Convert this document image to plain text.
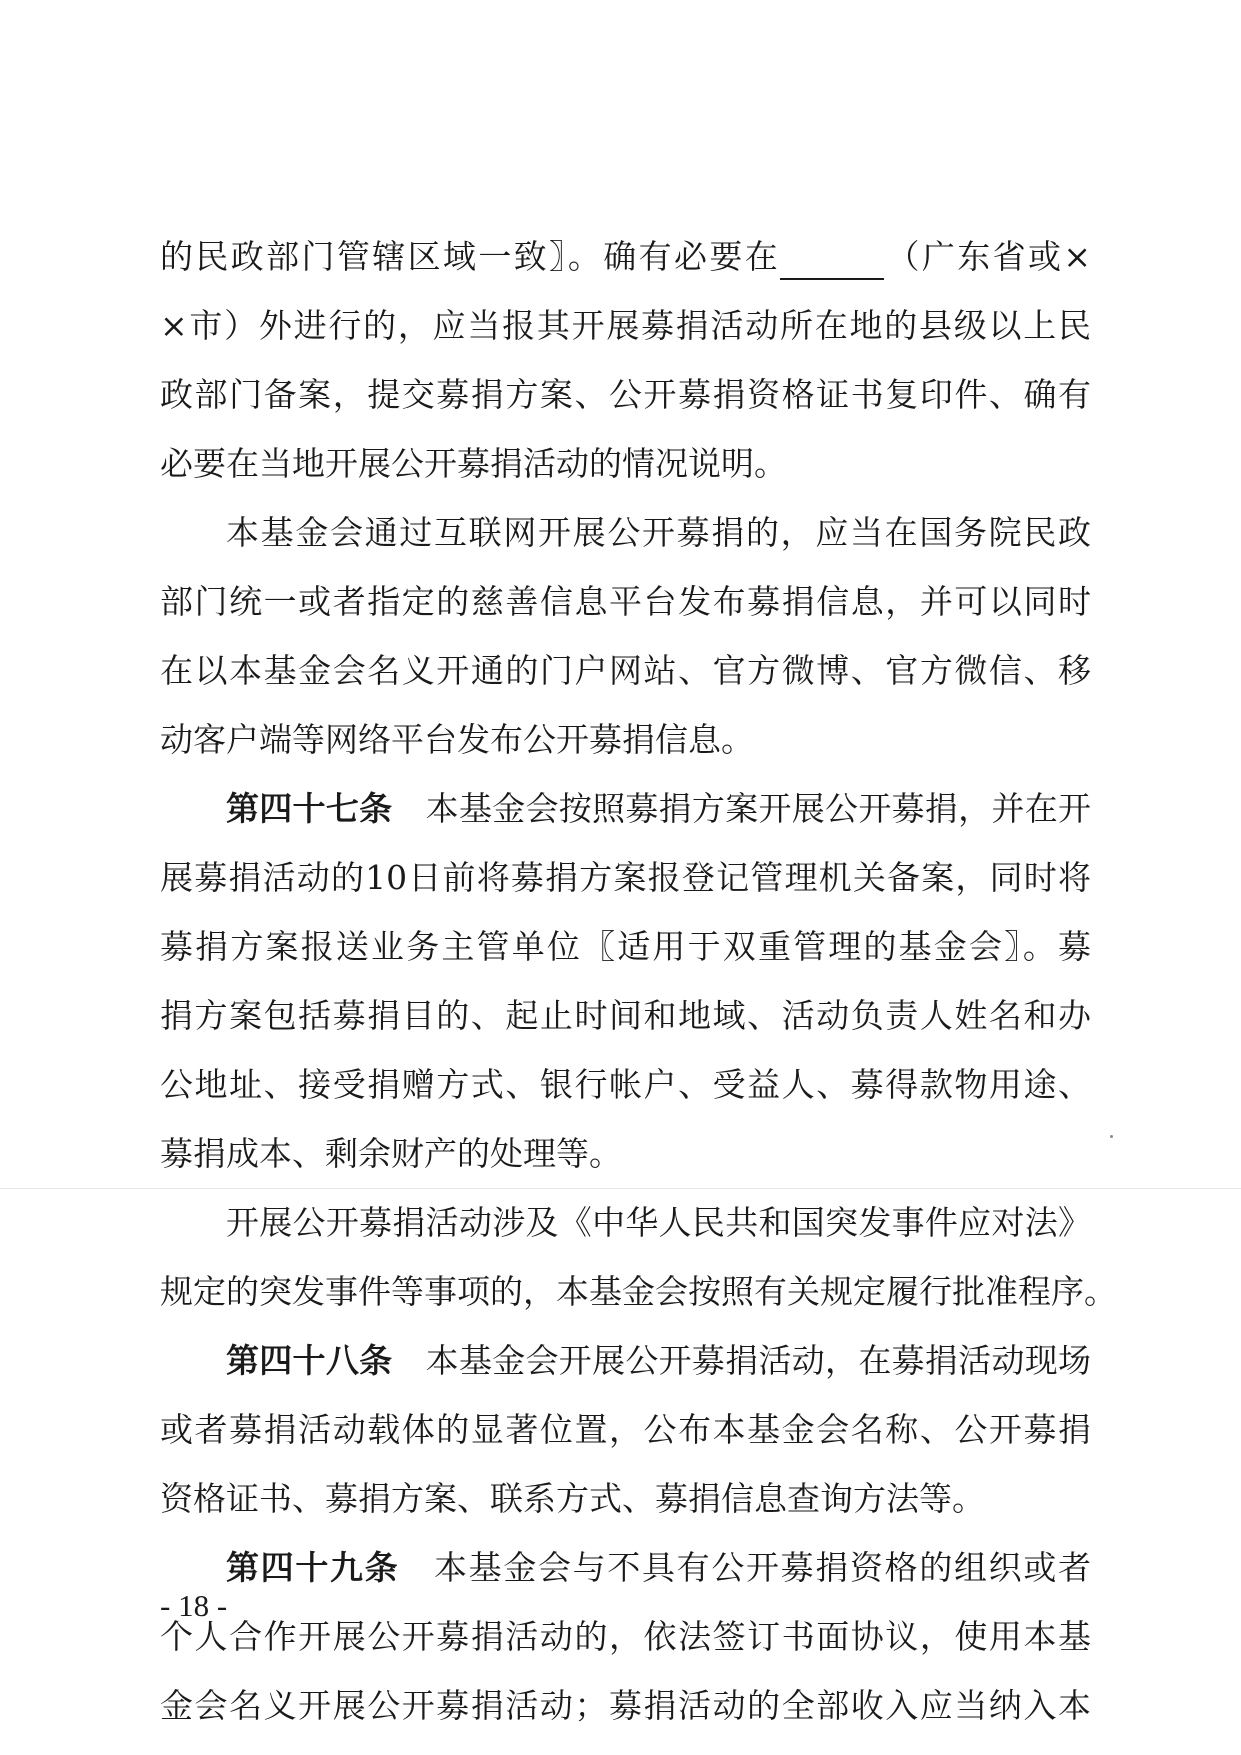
的民政部门管辖区域一致〗。确有必要在	（广东省或×
×市）外进行的，应当报其开展募捐活动所在地的县级以上民
政部门备案，提交募捐方案、公开募捐资格证书复印件、确有
必要在当地开展公开募捐活动的情况说明。
本基金会通过互联网开展公开募捐的，应当在国务院民政
部门统一或者指定的慈善信息平台发布募捐信息，并可以同时
在以本基金会名义开通的门户网站、官方微博、官方微信、移
动客户端等网络平台发布公开募捐信息。
第四十七条  本基金会按照募捐方案开展公开募捐，并在开
展募捐活动的10日前将募捐方案报登记管理机关备案，同时将
募捐方案报送业务主管单位〖适用于双重管理的基金会〗。募
捐方案包括募捐目的、起止时间和地域、活动负责人姓名和办
公地址、接受捐赠方式、银行帐户、受益人、募得款物用途、
募捐成本、剩余财产的处理等。
开展公开募捐活动涉及《中华人民共和国突发事件应对法》
规定的突发事件等事项的，本基金会按照有关规定履行批准程序。
第四十八条  本基金会开展公开募捐活动，在募捐活动现场
或者募捐活动载体的显著位置，公布本基金会名称、公开募捐
资格证书、募捐方案、联系方式、募捐信息查询方法等。
第四十九条  本基金会与不具有公开募捐资格的组织或者
个人合作开展公开募捐活动的，依法签订书面协议，使用本基
金会名义开展公开募捐活动；募捐活动的全部收入应当纳入本
- 18 -
